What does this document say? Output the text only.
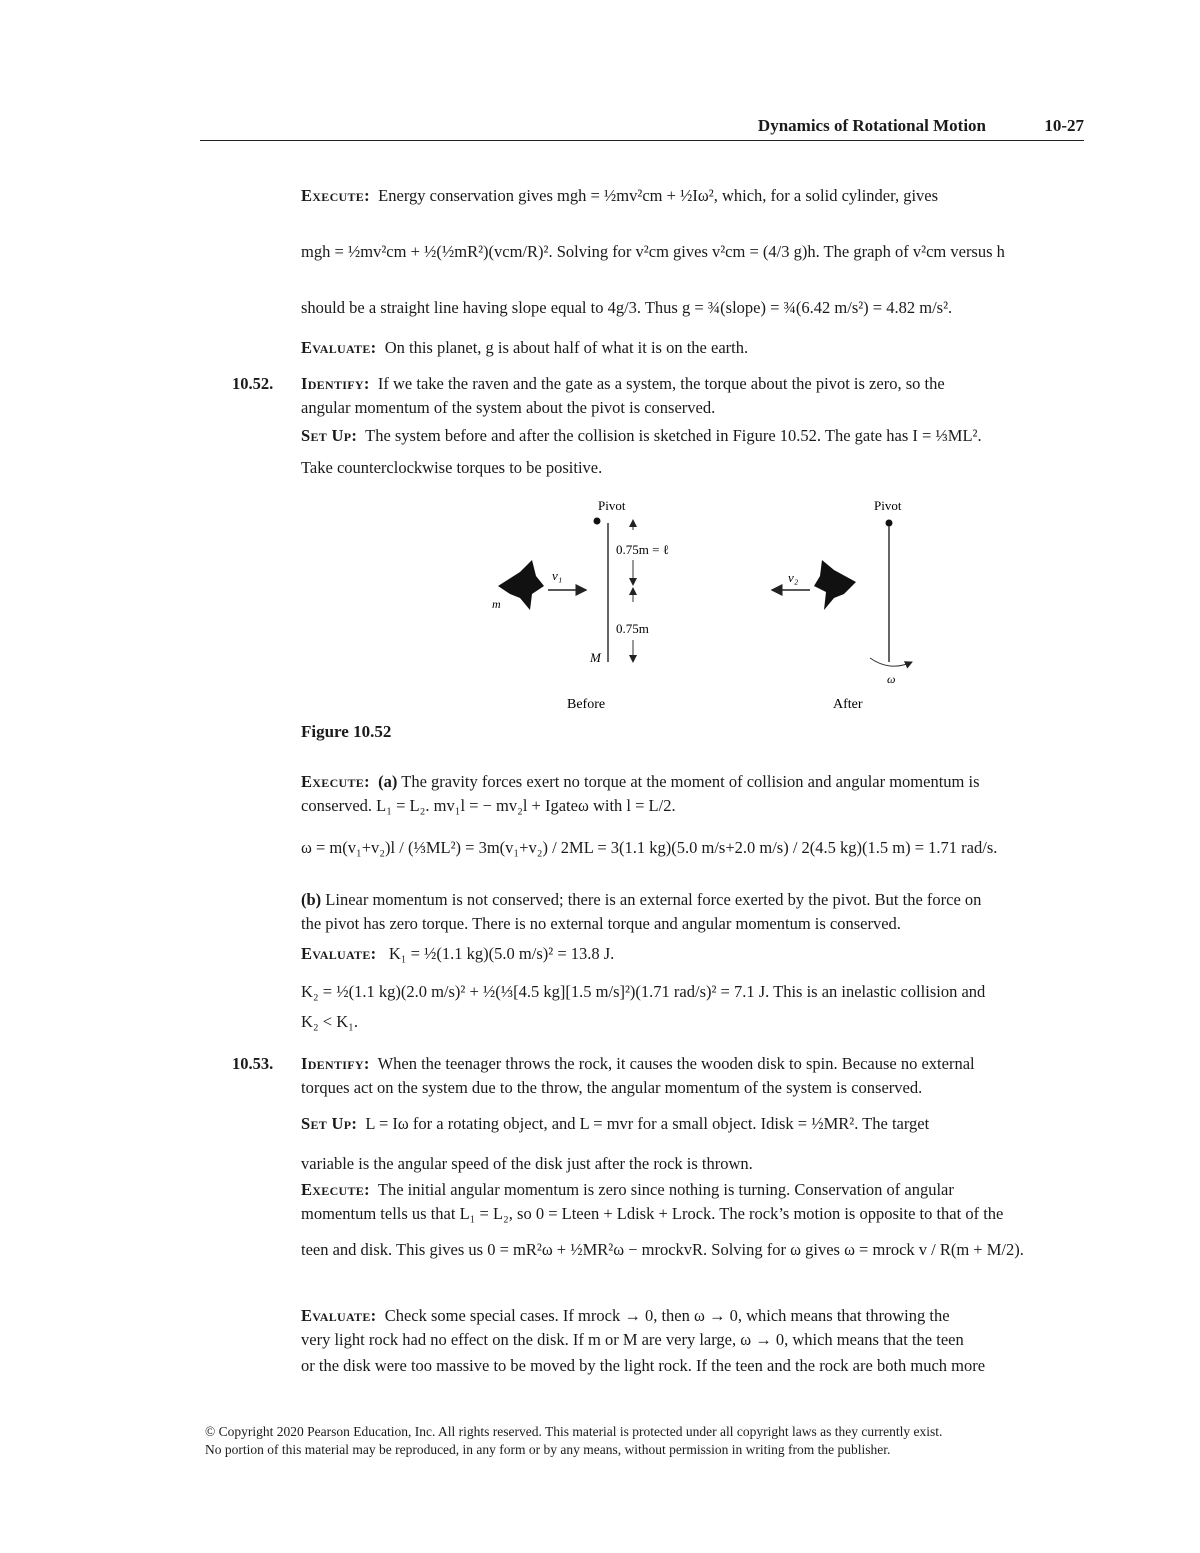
Dynamics of Rotational Motion	10-27
Execute: Energy conservation gives mgh = ½mv²cm + ½Iω², which, for a solid cylinder, gives
mgh = ½mv²cm + ½(½mR²)(vcm/R)². Solving for v²cm gives v²cm = (4/3 g)h. The graph of v²cm versus h
should be a straight line having slope equal to 4g/3. Thus g = ¾(slope) = ¾(6.42 m/s²) = 4.82 m/s².
Evaluate: On this planet, g is about half of what it is on the earth.
10.52. Identify: If we take the raven and the gate as a system, the torque about the pivot is zero, so the
angular momentum of the system about the pivot is conserved.
Set Up: The system before and after the collision is sketched in Figure 10.52. The gate has I = ⅓ML².
Take counterclockwise torques to be positive.
Pivot
0.75m = ℓ
0.75m
M
m
v₁
Before
Pivot
ω
v₂
After
Figure 10.52
Execute: (a) The gravity forces exert no torque at the moment of collision and angular momentum is
conserved. L₁ = L₂. mv₁l = − mv₂l + Igateω with l = L/2.
ω = m(v₁+v₂)l / (⅓ML²) = 3m(v₁+v₂) / 2ML = 3(1.1 kg)(5.0 m/s+2.0 m/s) / 2(4.5 kg)(1.5 m) = 1.71 rad/s.
(b) Linear momentum is not conserved; there is an external force exerted by the pivot. But the force on
the pivot has zero torque. There is no external torque and angular momentum is conserved.
Evaluate: K₁ = ½(1.1 kg)(5.0 m/s)² = 13.8 J.
K₂ = ½(1.1 kg)(2.0 m/s)² + ½(⅓[4.5 kg][1.5 m/s]²)(1.71 rad/s)² = 7.1 J. This is an inelastic collision and
K₂ < K₁.
10.53. Identify: When the teenager throws the rock, it causes the wooden disk to spin. Because no external
torques act on the system due to the throw, the angular momentum of the system is conserved.
Set Up: L = Iω for a rotating object, and L = mvr for a small object. Idisk = ½MR². The target
variable is the angular speed of the disk just after the rock is thrown.
Execute: The initial angular momentum is zero since nothing is turning. Conservation of angular
momentum tells us that L₁ = L₂, so 0 = Lteen + Ldisk + Lrock. The rock’s motion is opposite to that of the
teen and disk. This gives us 0 = mR²ω + ½MR²ω − mrockvR. Solving for ω gives ω = mrock v / R(m + M/2).
Evaluate: Check some special cases. If mrock → 0, then ω → 0, which means that throwing the
very light rock had no effect on the disk. If m or M are very large, ω → 0, which means that the teen
or the disk were too massive to be moved by the light rock. If the teen and the rock are both much more
© Copyright 2020 Pearson Education, Inc. All rights reserved. This material is protected under all copyright laws as they currently exist.
No portion of this material may be reproduced, in any form or by any means, without permission in writing from the publisher.
